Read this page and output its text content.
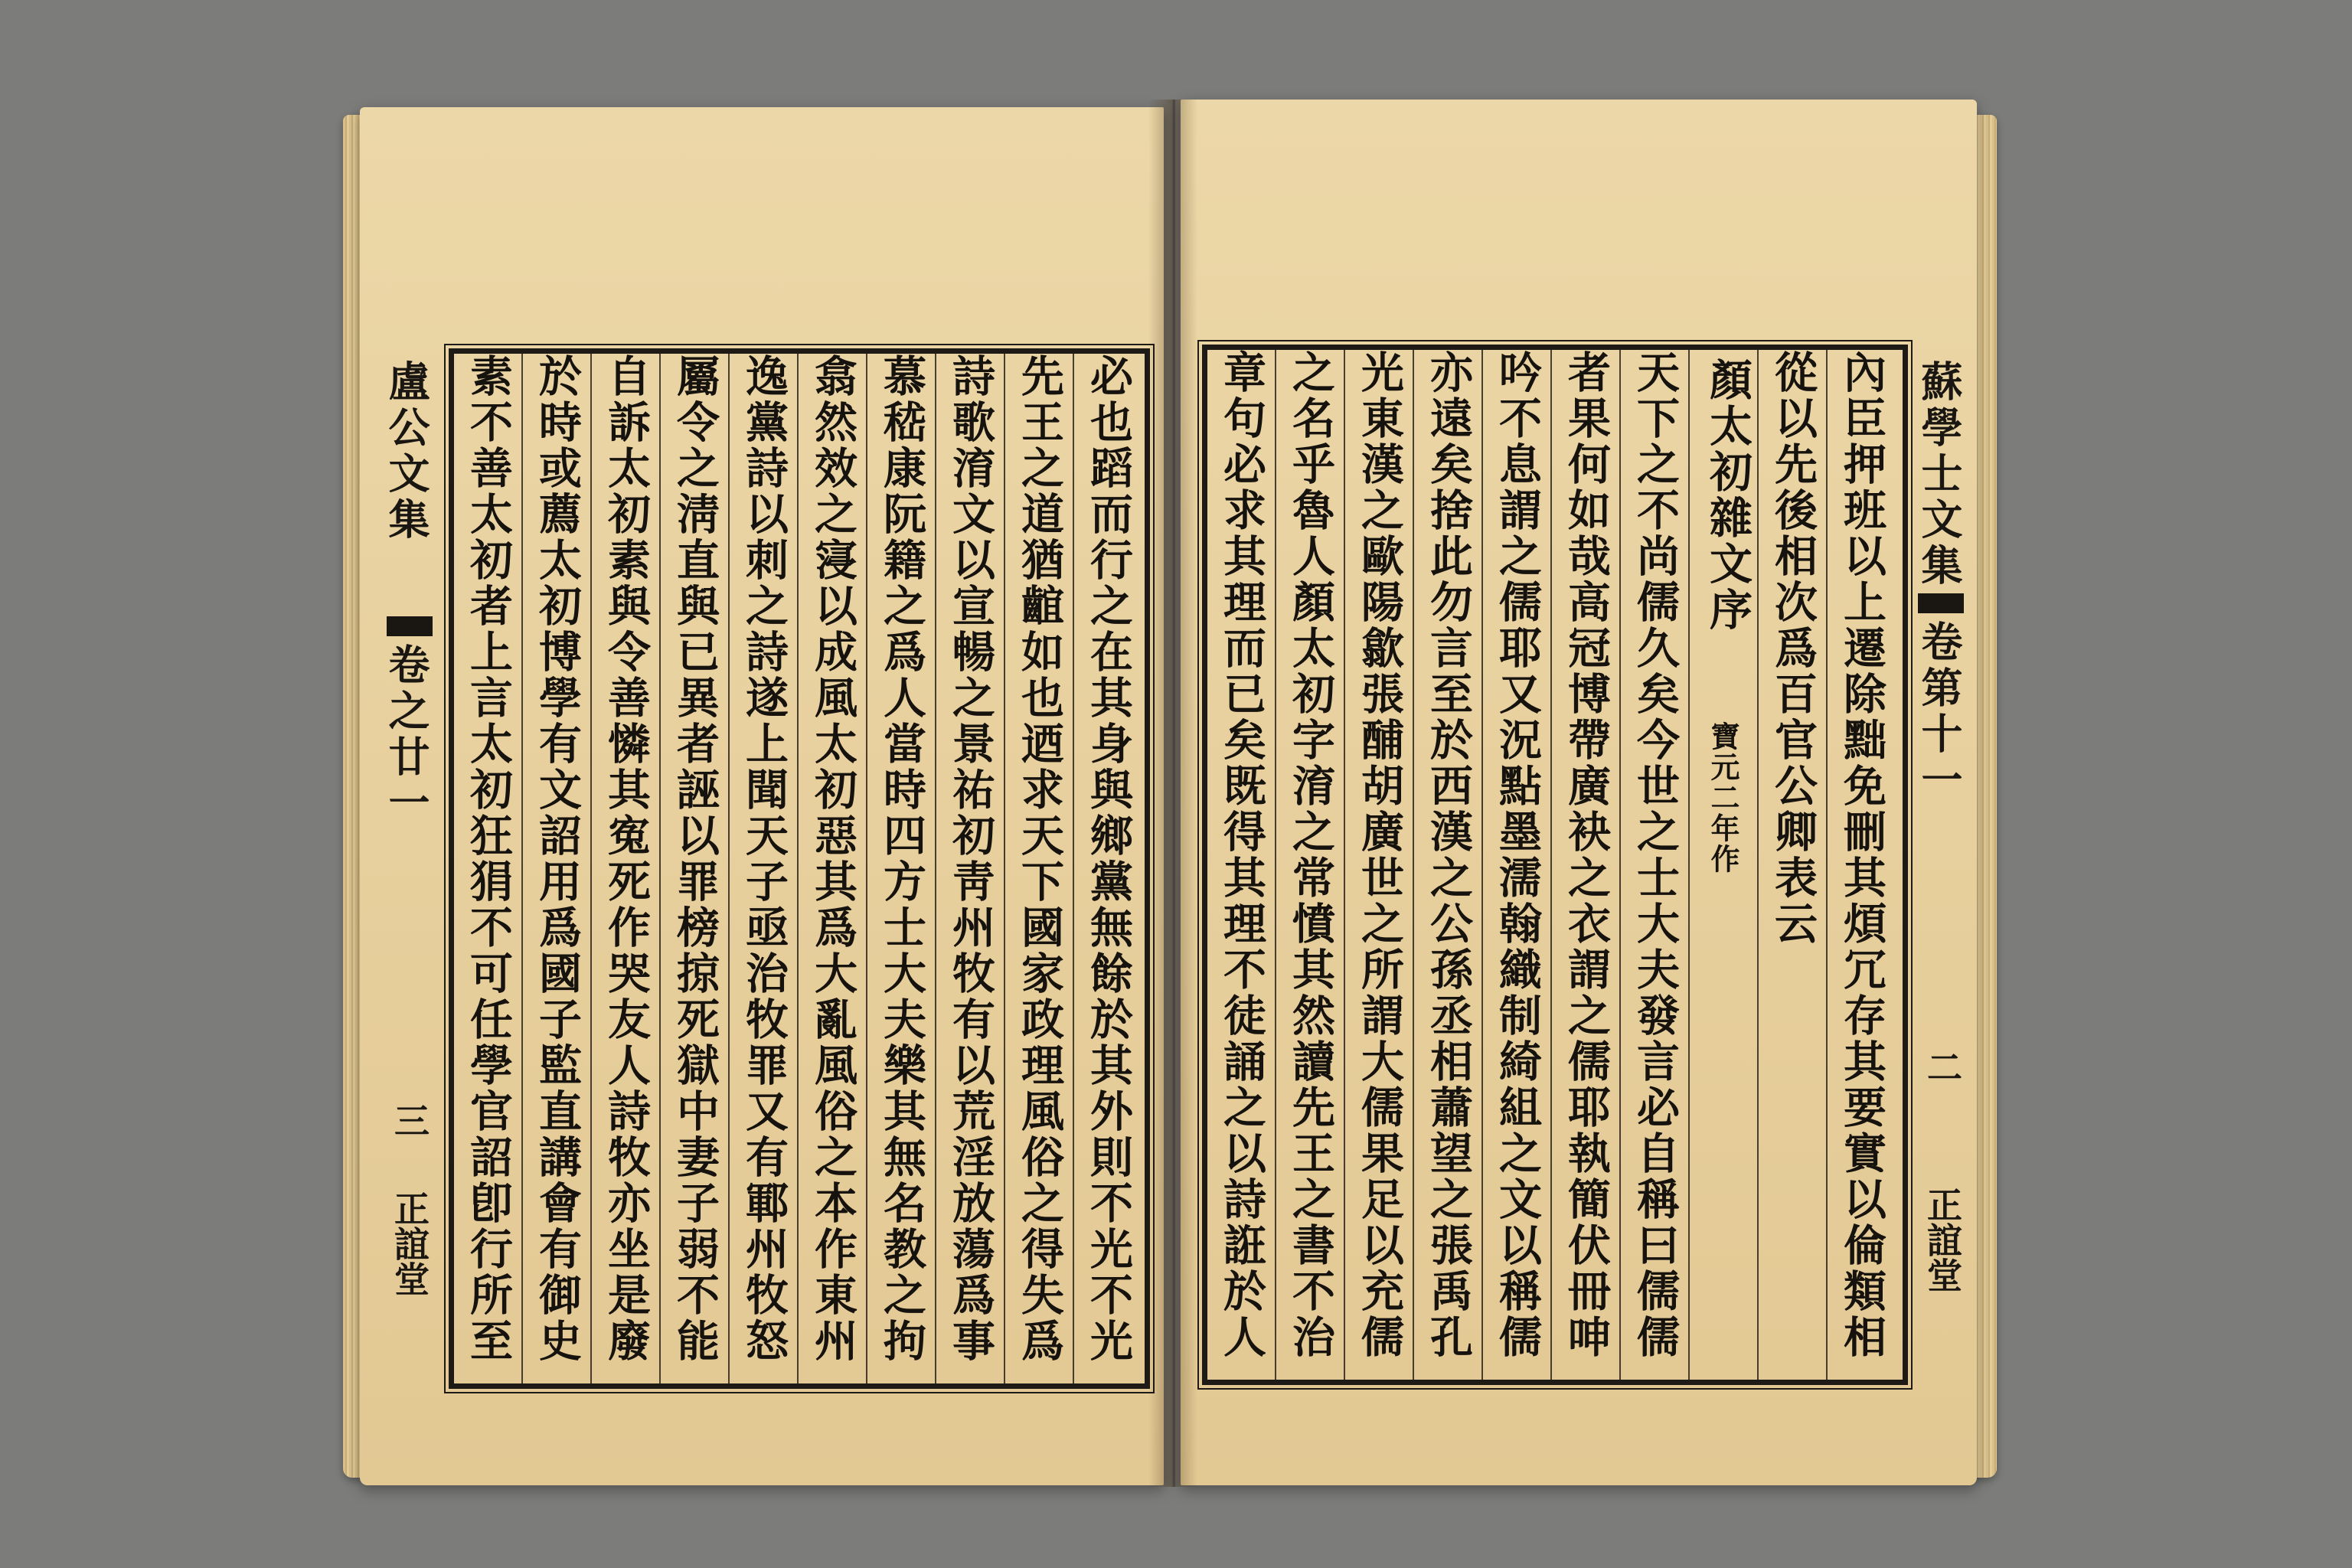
盧公文集
卷之廿一
三
正誼堂 素不善太初者上言太初狂狷不可任學官詔卽行所至 於時或薦太初博學有文詔用爲國子監直講會有御史 自訴太初素與令善憐其寃死作哭友人詩牧亦坐是廢 屬令之淸直與已異者誣以罪榜掠死獄中妻子弱不能 逸黨詩以刺之詩遂上聞天子亟治牧罪又有鄆州牧怒 翕然效之寖以成風太初惡其爲大亂風俗之本作東州 慕嵇康阮籍之爲人當時四方士大夫樂其無名教之拘 詩歌淯文以宣暢之景祐初靑州牧有以荒淫放蕩爲事 先王之道猶𪘲如也迺求天下國家政理風俗之得失爲 必也蹈而行之在其身與鄉黨無餘於其外則不光不光 章句必求其理而已矣既得其理不徒誦之以詩誑於人 之名乎魯人顏太初字淯之常憤其然讀先王之書不治 光東漢之歐陽歙張酺胡廣世之所謂大儒果足以充儒 亦遠矣捨此勿言至於西漢之公孫丞相蕭望之張禹孔 吟不息謂之儒耶又況點墨濡翰織制綺組之文以稱儒 者果何如哉高冠博帶廣袂之衣謂之儒耶執簡伏冊呻 天下之不尚儒久矣今世之士大夫發言必自稱曰儒儒 顏太初雜文序
寶元二年作 從以先後相次爲百官公卿表云 內臣押班以上遷除黜免刪其煩冗存其要實以倫類相 蘇學士文集
卷第十一
二
正誼堂
